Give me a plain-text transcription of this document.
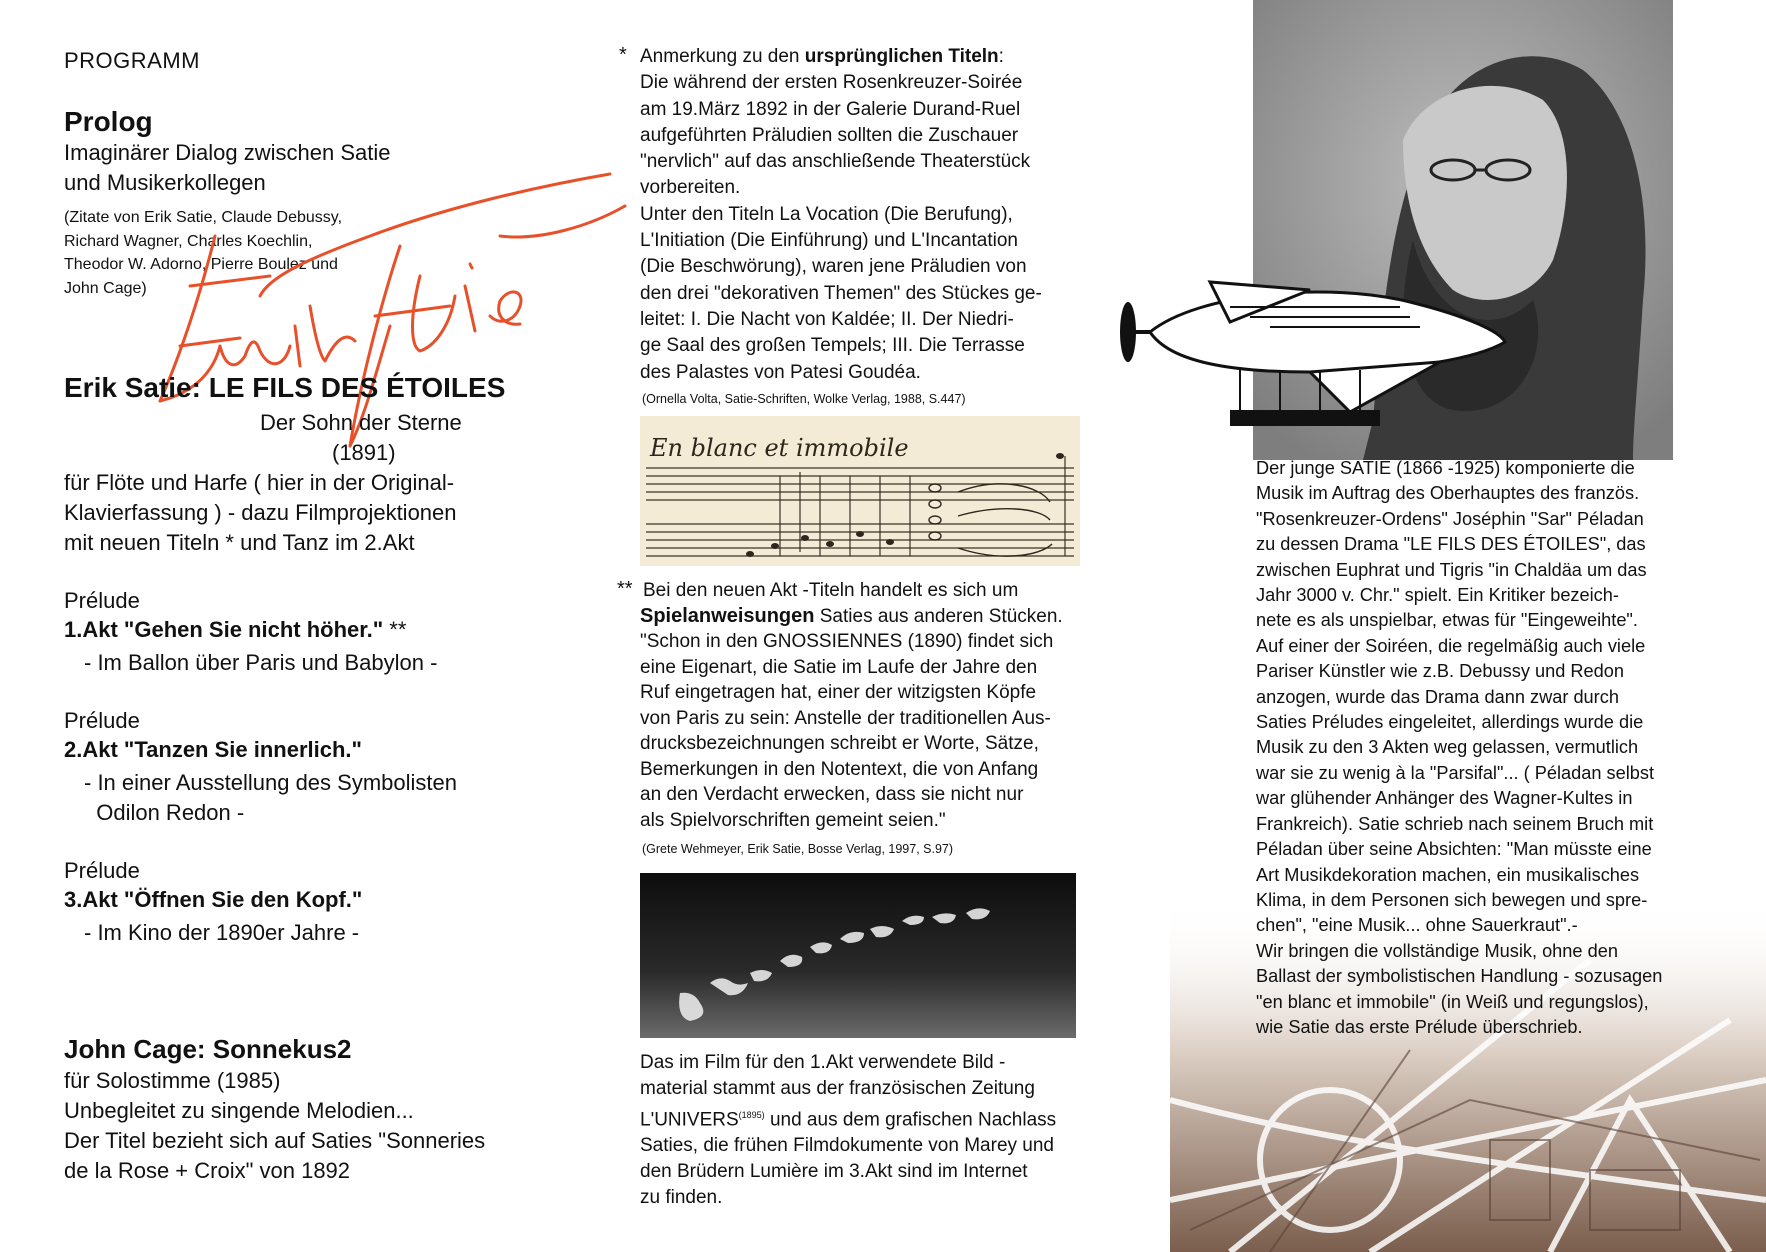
PROGRAMM
Prolog
Imaginärer Dialog zwischen Satie
und Musikerkollegen
(Zitate von Erik Satie, Claude Debussy,
Richard Wagner, Charles Koechlin,
Theodor W. Adorno, Pierre Boulez und
John Cage)
Erik Satie: LE FILS DES ÉTOILES
Der Sohn der Sterne
(1891)
für Flöte und Harfe ( hier in der Original-
Klavierfassung ) - dazu Filmprojektionen
mit neuen Titeln * und Tanz im 2.Akt
Prélude
1.Akt "Gehen Sie nicht höher." **
- Im Ballon über Paris und Babylon -
Prélude
2.Akt "Tanzen Sie innerlich."
- In einer Ausstellung des Symbolisten
Odilon Redon -
Prélude
3.Akt "Öffnen Sie den Kopf."
- Im Kino der 1890er Jahre -
John Cage: Sonnekus2
für Solostimme (1985)
Unbegleitet zu singende Melodien...
Der Titel bezieht sich auf Saties "Sonneries
de la Rose + Croix" von 1892
* Anmerkung zu den ursprünglichen Titeln:
Die während der ersten Rosenkreuzer-Soirée
am 19.März 1892 in der Galerie Durand-Ruel
aufgeführten Präludien sollten die Zuschauer
"nervlich" auf das anschließende Theaterstück
vorbereiten.
Unter den Titeln La Vocation (Die Berufung),
L'Initiation (Die Einführung) und L'Incantation
(Die Beschwörung), waren jene Präludien von
den drei "dekorativen Themen" des Stückes ge-
leitet: I. Die Nacht von Kaldée; II. Der Niedri-
ge Saal des großen Tempels; III. Die Terrasse
des Palastes von Patesi Goudéa.
(Ornella Volta, Satie-Schriften, Wolke Verlag, 1988, S.447)
En blanc et immobile
** Bei den neuen Akt -Titeln handelt es sich um
Spielanweisungen Saties aus anderen Stücken.
"Schon in den GNOSSIENNES (1890) findet sich
eine Eigenart, die Satie im Laufe der Jahre den
Ruf eingetragen hat, einer der witzigsten Köpfe
von Paris zu sein: Anstelle der traditionellen Aus-
drucksbezeichnungen schreibt er Worte, Sätze,
Bemerkungen in den Notentext, die von Anfang
an den Verdacht erwecken, dass sie nicht nur
als Spielvorschriften gemeint seien."
(Grete Wehmeyer, Erik Satie, Bosse Verlag, 1997, S.97)
Das im Film für den 1.Akt verwendete Bild -
material stammt aus der französischen Zeitung
$L'UNIVERS^{(1895)}$ und aus dem grafischen Nachlass
Saties, die frühen Filmdokumente von Marey und
den Brüdern Lumière im 3.Akt sind im Internet
zu finden.
Der junge SATIE (1866 -1925) komponierte die
Musik im Auftrag des Oberhauptes des französ.
"Rosenkreuzer-Ordens" Joséphin "Sar" Péladan
zu dessen Drama "LE FILS DES ÉTOILES", das
zwischen Euphrat und Tigris "in Chaldäa um das
Jahr 3000 v. Chr." spielt. Ein Kritiker bezeich-
nete es als unspielbar, etwas für "Eingeweihte".
Auf einer der Soiréen, die regelmäßig auch viele
Pariser Künstler wie z.B. Debussy und Redon
anzogen, wurde das Drama dann zwar durch
Saties Préludes eingeleitet, allerdings wurde die
Musik zu den 3 Akten weg gelassen, vermutlich
war sie zu wenig à la "Parsifal"... ( Péladan selbst
war glühender Anhänger des Wagner-Kultes in
Frankreich). Satie schrieb nach seinem Bruch mit
Péladan über seine Absichten: "Man müsste eine
Art Musikdekoration machen, ein musikalisches
Klima, in dem Personen sich bewegen und spre-
chen", "eine Musik... ohne Sauerkraut".-
Wir bringen die vollständige Musik, ohne den
Ballast der symbolistischen Handlung - sozusagen
"en blanc et immobile" (in Weiß und regungslos),
wie Satie das erste Prélude überschrieb.
